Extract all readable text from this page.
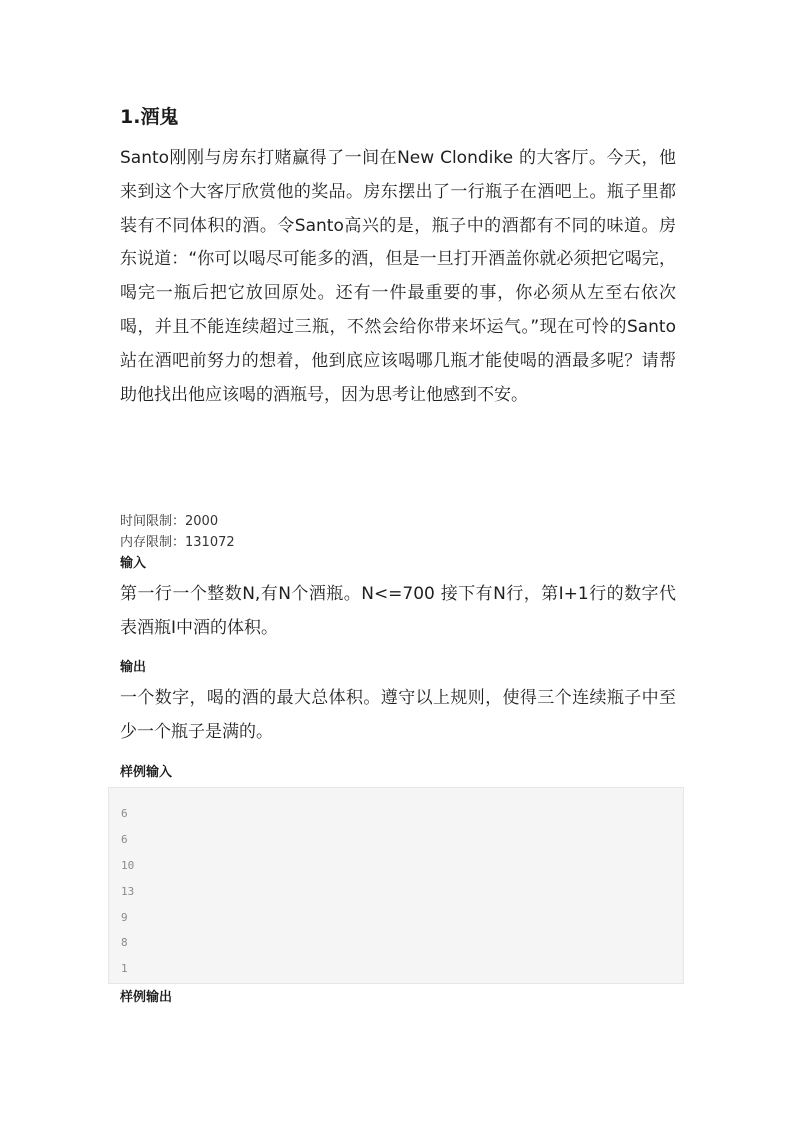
1.酒鬼

Santo刚刚与房东打赌赢得了一间在New Clondike 的大客厅。今天，他来到这个大客厅欣赏他的奖品。房东摆出了一行瓶子在酒吧上。瓶子里都装有不同体积的酒。令Santo高兴的是，瓶子中的酒都有不同的味道。房东说道：“你可以喝尽可能多的酒，但是一旦打开酒盖你就必须把它喝完，喝完一瓶后把它放回原处。还有一件最重要的事，你必须从左至右依次喝，并且不能连续超过三瓶，不然会给你带来坏运气。”现在可怜的Santo站在酒吧前努力的想着，他到底应该喝哪几瓶才能使喝的酒最多呢？请帮助他找出他应该喝的酒瓶号，因为思考让他感到不安。

时间限制：2000
内存限制：131072
输入

第一行一个整数N,有N个酒瓶。N<=700 接下有N行，第I+1行的数字代表酒瓶I中酒的体积。

输出

一个数字，喝的酒的最大总体积。遵守以上规则，使得三个连续瓶子中至少一个瓶子是满的。

样例输入
6
6
10
13
9
8
1
样例输出
